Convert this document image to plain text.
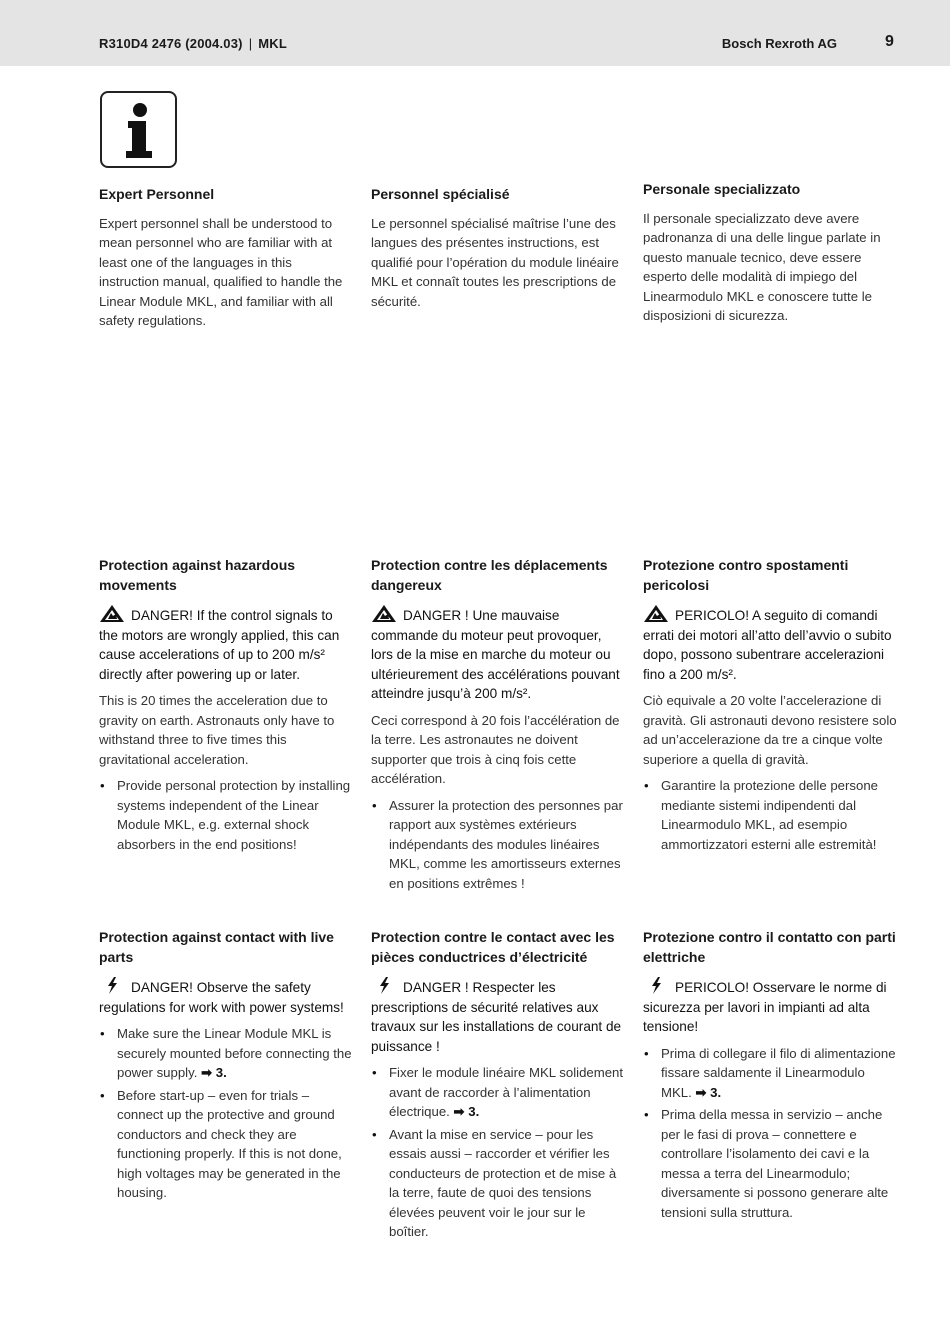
R310D4 2476 (2004.03) | MKL	Bosch Rexroth AG	9
Expert Personnel

Expert personnel shall be understood to mean personnel who are familiar with at least one of the languages in this instruction manual, qualified to handle the Linear Module MKL, and familiar with all safety regulations.

Personnel spécialisé

Le personnel spécialisé maîtrise l’une des langues des présentes instructions, est qualifié pour l’opération du module linéaire MKL et connaît toutes les prescriptions de sécurité.

Personale specializzato

Il personale specializzato deve avere padronanza di una delle lingue parlate in questo manuale tecnico, deve essere esperto delle modalità di impiego del Linearmodulo MKL e conoscere tutte le disposizioni di sicurezza.

Protection against hazardous movements

DANGER! If the control signals to the motors are wrongly applied, this can cause accelerations of up to 200 m/s² directly after powering up or later.

This is 20 times the acceleration due to gravity on earth. Astronauts only have to withstand three to five times this gravitational acceleration.

• Provide personal protection by installing systems independent of the Linear Module MKL, e.g. external shock absorbers in the end positions!
Protection contre les déplacements dangereux

DANGER ! Une mauvaise commande du moteur peut provoquer, lors de la mise en marche du moteur ou ultérieurement des accélérations pouvant atteindre jusqu’à 200 m/s².

Ceci correspond à 20 fois l’accélération de la terre. Les astronautes ne doivent supporter que trois à cinq fois cette accélération.

• Assurer la protection des personnes par rapport aux systèmes extérieurs indépendants des modules linéaires MKL, comme les amortisseurs externes en positions extrêmes !
Protezione contro spostamenti pericolosi

PERICOLO! A seguito di comandi errati dei motori all’atto dell’avvio o subito dopo, possono subentrare accelerazioni fino a 200 m/s².

Ciò equivale a 20 volte l’accelerazione di gravità. Gli astronauti devono resistere solo ad un’accelerazione da tre a cinque volte superiore a quella di gravità.

• Garantire la protezione delle persone mediante sistemi indipendenti dal Linearmodulo MKL, ad esempio ammortizzatori esterni alle estremità!
Protection against contact with live parts

DANGER! Observe the safety regulations for work with power systems!

• Make sure the Linear Module MKL is securely mounted before connecting the power supply. ➡ 3.
• Before start-up – even for trials – connect up the protective and ground conductors and check they are functioning properly. If this is not done, high voltages may be generated in the housing.
Protection contre le contact avec les pièces conductrices d’électricité

DANGER ! Respecter les prescriptions de sécurité relatives aux travaux sur les installations de courant de puissance !

• Fixer le module linéaire MKL solidement avant de raccorder à l’alimentation électrique. ➡ 3.
• Avant la mise en service – pour les essais aussi – raccorder et vérifier les conducteurs de protection et de mise à la terre, faute de quoi des tensions élevées peuvent voir le jour sur le boîtier.
Protezione contro il contatto con parti elettriche

PERICOLO! Osservare le norme di sicurezza per lavori in impianti ad alta tensione!

• Prima di collegare il filo di alimentazione fissare saldamente il Linearmodulo MKL. ➡ 3.
• Prima della messa in servizio – anche per le fasi di prova – connettere e controllare l’isolamento dei cavi e la messa a terra del Linearmodulo; diversamente si possono generare alte tensioni sulla struttura.
